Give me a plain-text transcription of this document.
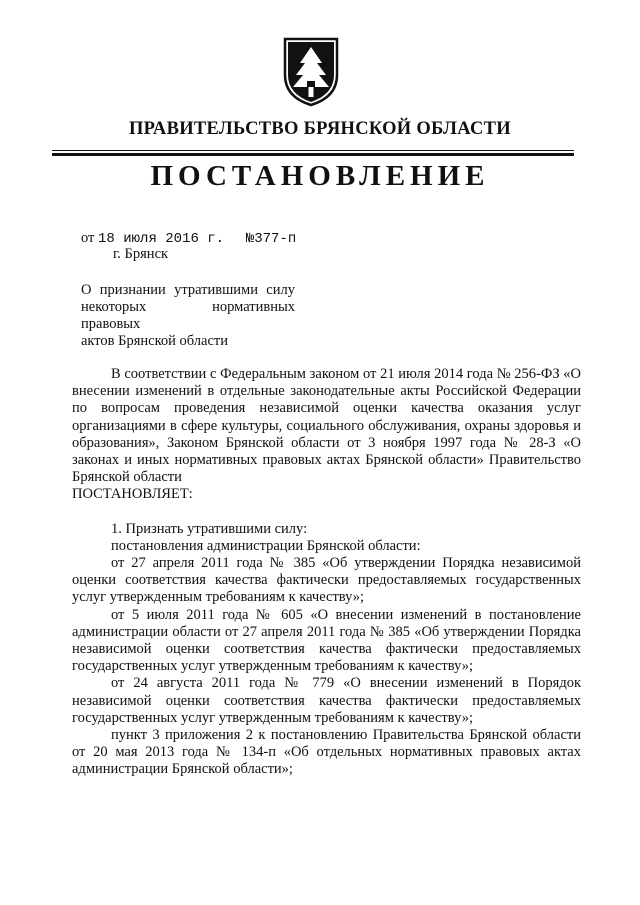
ПРАВИТЕЛЬСТВО БРЯНСКОЙ ОБЛАСТИ
ПОСТАНОВЛЕНИЕ
от 18 июля 2016 г. №377-п
г. Брянск
О признании утратившими силу
некоторых нормативных правовых
актов Брянской области

В соответствии с Федеральным законом от 21 июля 2014 года № 256-ФЗ «О внесении изменений в отдельные законодательные акты Российской Федерации по вопросам проведения независимой оценки качества оказания услуг организациями в сфере культуры, социального обслуживания, охраны здоровья и образования», Законом Брянской области от 3 ноября 1997 года № 28-З «О законах и иных нормативных правовых актах Брянской области» Правительство Брянской области

ПОСТАНОВЛЯЕТ:

1. Признать утратившими силу:

постановления администрации Брянской области:

от 27 апреля 2011 года № 385 «Об утверждении Порядка независимой оценки соответствия качества фактически предоставляемых государственных услуг утвержденным требованиям к качеству»;

от 5 июля 2011 года № 605 «О внесении изменений в постановление администрации области от 27 апреля 2011 года № 385 «Об утверждении Порядка независимой оценки соответствия качества фактически предоставляемых государственных услуг утвержденным требованиям к качеству»;

от 24 августа 2011 года № 779 «О внесении изменений в Порядок независимой оценки соответствия качества фактически предоставляемых государственных услуг утвержденным требованиям к качеству»;

пункт 3 приложения 2 к постановлению Правительства Брянской области от 20 мая 2013 года № 134-п «Об отдельных нормативных правовых актах администрации Брянской области»;
